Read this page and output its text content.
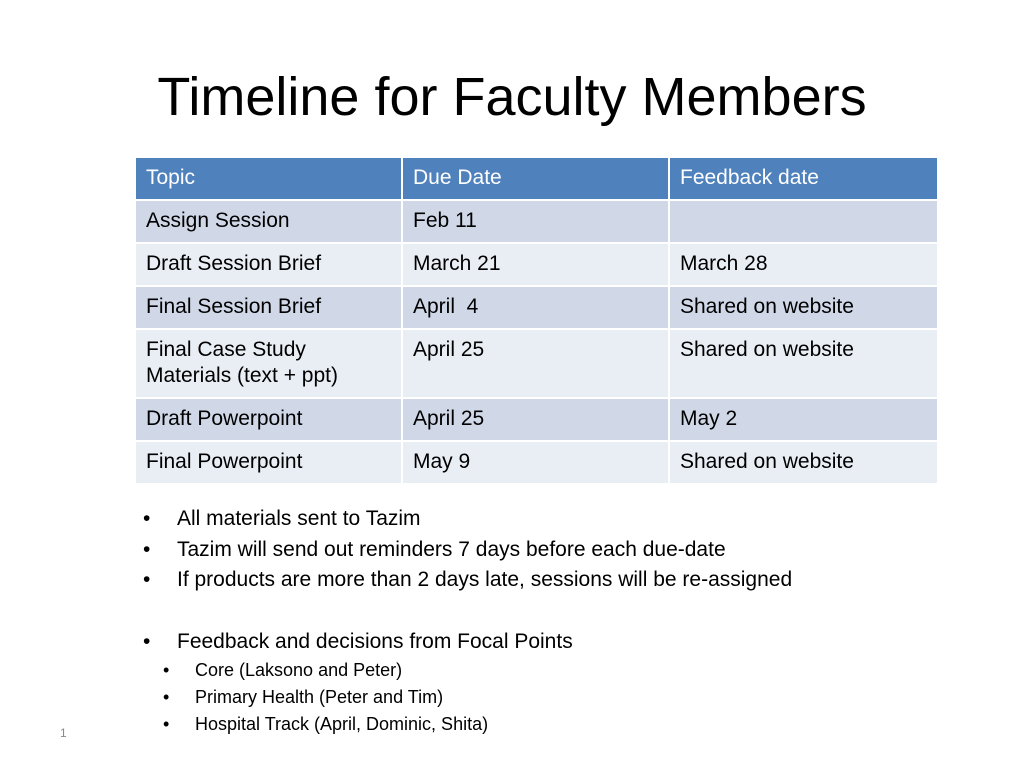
Timeline for Faculty Members
Topic	Due Date	Feedback date
Assign Session	Feb 11	
Draft Session Brief	March 21	March 28
Final Session Brief	April  4	Shared on website
Final Case Study Materials (text + ppt)	April 25	Shared on website
Draft Powerpoint	April 25	May 2
Final Powerpoint	May 9	Shared on website
•	All materials sent to Tazim
•	Tazim will send out reminders 7 days before each due-date
•	If products are more than 2 days late, sessions will be re-assigned
•	Feedback and decisions from Focal Points
•	Core (Laksono and Peter)
•	Primary Health (Peter and Tim)
•	Hospital Track (April, Dominic, Shita)
1
